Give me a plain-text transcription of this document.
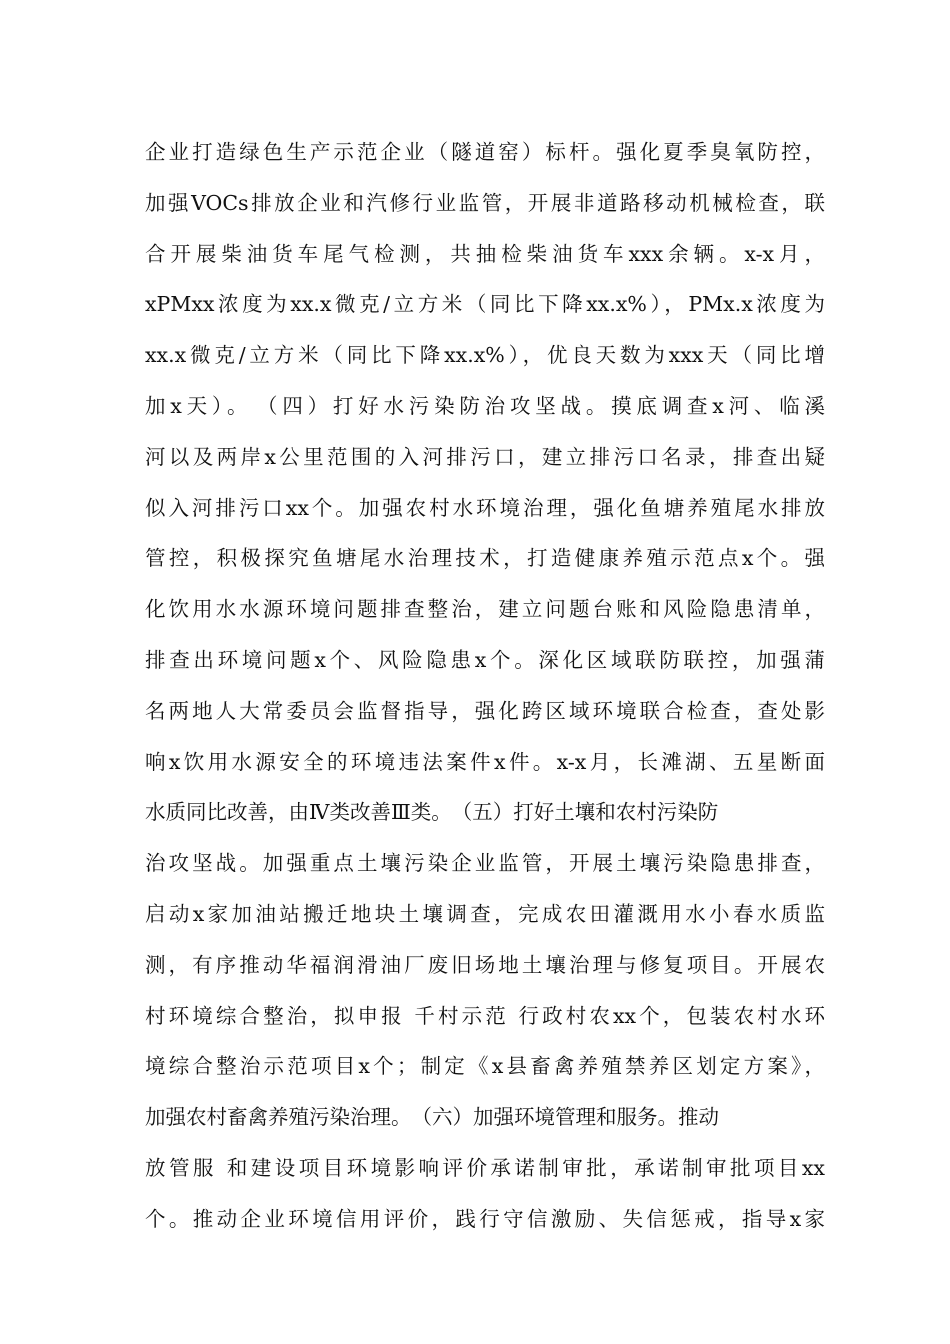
企业打造绿色生产示范企业（隧道窑）标杆。强化夏季臭氧防控，
加强VOCs排放企业和汽修行业监管，开展非道路移动机械检查，联
合开展柴油货车尾气检测，共抽检柴油货车xxx余辆。x-x月，
xPMxx浓度为xx.x微克/立方米（同比下降xx.x%），PMx.x浓度为
xx.x微克/立方米（同比下降xx.x%），优良天数为xxx天（同比增
加x天）。　（四）打好水污染防治攻坚战。摸底调查x河、临溪
河以及两岸x公里范围的入河排污口，建立排污口名录，排查出疑
似入河排污口xx个。加强农村水环境治理，强化鱼塘养殖尾水排放
管控，积极探究鱼塘尾水治理技术，打造健康养殖示范点x个。强
化饮用水水源环境问题排查整治，建立问题台账和风险隐患清单，
排查出环境问题x个、风险隐患x个。深化区域联防联控，加强蒲
名两地人大常委员会监督指导，强化跨区域环境联合检查，查处影
响x饮用水源安全的环境违法案件x件。x-x月，长滩湖、五星断面
水质同比改善，由Ⅳ类改善Ⅲ类。　（五）打好土壤和农村污染防
治攻坚战。加强重点土壤污染企业监管，开展土壤污染隐患排查，
启动x家加油站搬迁地块土壤调查，完成农田灌溉用水小春水质监
测，有序推动华福润滑油厂废旧场地土壤治理与修复项目。开展农
村环境综合整治，拟申报 千村示范 行政村农xx个，包装农村水环
境综合整治示范项目x个；制定《x县畜禽养殖禁养区划定方案》，
加强农村畜禽养殖污染治理。　（六）加强环境管理和服务。推动
放管服 和建设项目环境影响评价承诺制审批，承诺制审批项目xx
个。推动企业环境信用评价，践行守信激励、失信惩戒，指导x家
